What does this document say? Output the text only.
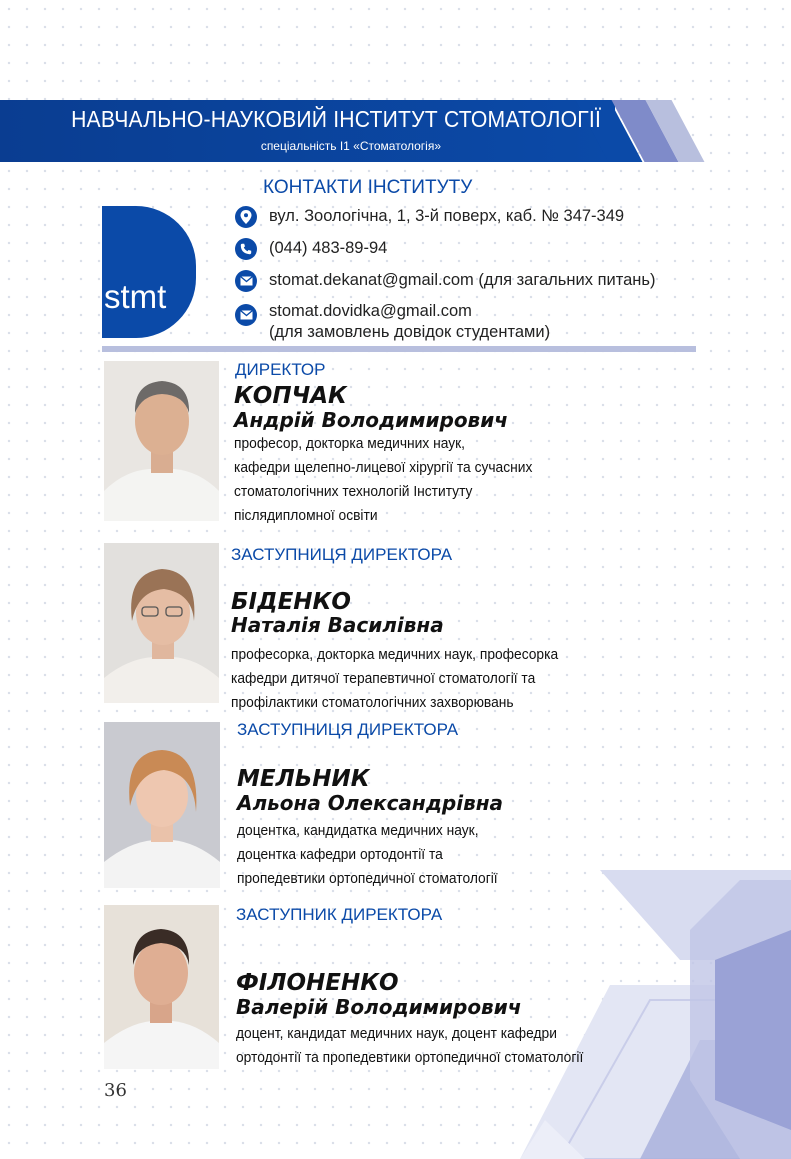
НАВЧАЛЬНО-НАУКОВИЙ ІНСТИТУТ СТОМАТОЛОГІЇ
спеціальність І1 «Стоматологія»
stmt
КОНТАКТИ ІНСТИТУТУ
вул. Зоологічна, 1, 3-й поверх, каб. № 347-349
(044) 483-89-94
stomat.dekanat@gmail.com (для загальних питань)
stomat.dovidka@gmail.com
(для замовлень довідок студентами)
ДИРЕКТОР
КОПЧАК
Андрій Володимирович
професор, докторка медичних наук,
кафедри щелепно-лицевої хірургії та сучасних
стоматологічних технологій Інституту
післядипломної освіти
ЗАСТУПНИЦЯ ДИРЕКТОРА
БІДЕНКО
Наталія Василівна
професорка, докторка медичних наук, професорка
кафедри дитячої терапевтичної стоматології та
профілактики стоматологічних захворювань
ЗАСТУПНИЦЯ ДИРЕКТОРА
МЕЛЬНИК
Альона Олександрівна
доцентка, кандидатка медичних наук,
доцентка кафедри ортодонтії та
пропедевтики ортопедичної стоматології
ЗАСТУПНИК ДИРЕКТОРА
ФІЛОНЕНКО
Валерій Володимирович
доцент, кандидат медичних наук, доцент кафедри
ортодонтії та пропедевтики ортопедичної стоматології
36
